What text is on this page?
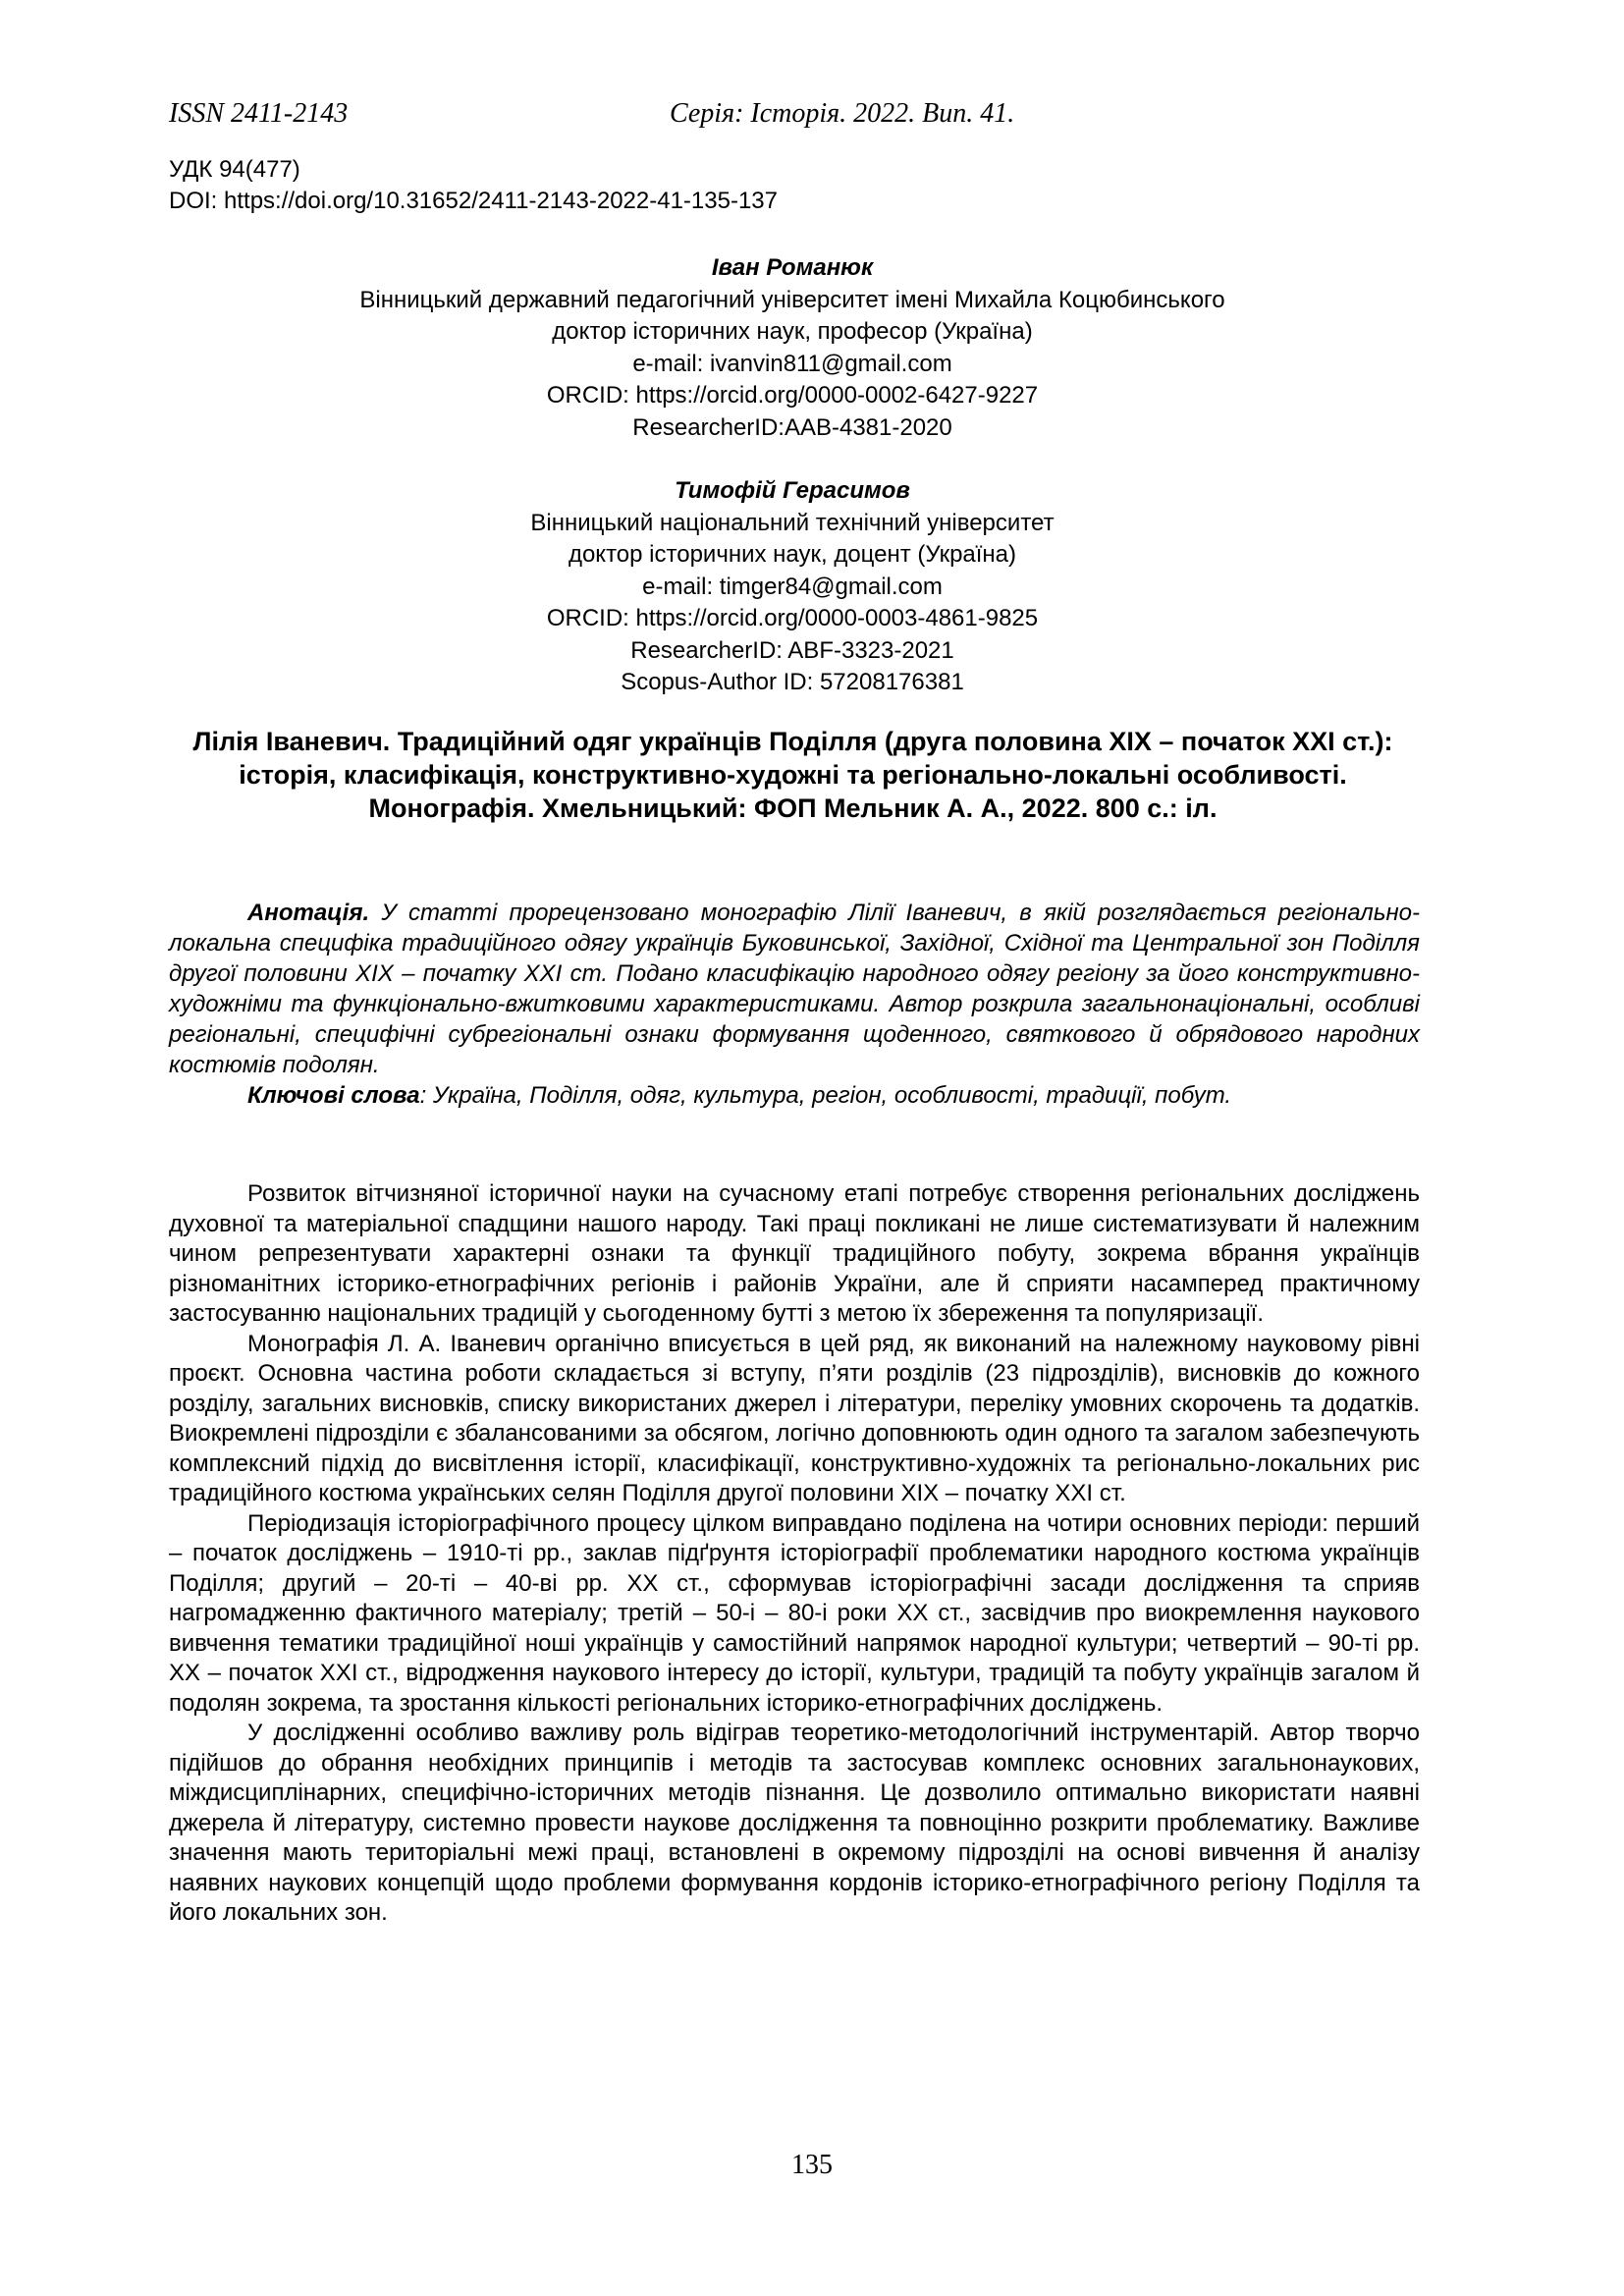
ISSN 2411-2143	Серія: Історія. 2022. Вип. 41.
УДК 94(477)
DOI: https://doi.org/10.31652/2411-2143-2022-41-135-137
Іван Романюк
Вінницький державний педагогічний університет імені Михайла Коцюбинського
доктор історичних наук, професор (Україна)
e-mail: ivanvin811@gmail.com
ORCID: https://orcid.org/0000-0002-6427-9227
ResearcherID:AAB-4381-2020
Тимофій Герасимов
Вінницький національний технічний університет
доктор історичних наук, доцент (Україна)
e-mail: timger84@gmail.com
ORCID: https://orcid.org/0000-0003-4861-9825
ResearcherID: ABF-3323-2021
Scopus-Author ID: 57208176381
Лілія Іваневич. Традиційний одяг українців Поділля (друга половина ХІХ – початок ХХІ ст.): історія, класифікація, конструктивно-художні та регіонально-локальні особливості. Монографія. Хмельницький: ФОП Мельник А. А., 2022. 800 с.: іл.

Анотація. У статті прорецензовано монографію Лілії Іваневич, в якій розглядається регіонально-локальна специфіка традиційного одягу українців Буковинської, Західної, Східної та Центральної зон Поділля другої половини ХІХ – початку ХХІ ст. Подано класифікацію народного одягу регіону за його конструктивно-художніми та функціонально-вжитковими характеристиками. Автор розкрила загальнонаціональні, особливі регіональні, специфічні субрегіональні ознаки формування щоденного, святкового й обрядового народних костюмів подолян.

Ключові слова: Україна, Поділля, одяг, культура, регіон, особливості, традиції, побут.

Розвиток вітчизняної історичної науки на сучасному етапі потребує створення регіональних досліджень духовної та матеріальної спадщини нашого народу. Такі праці покликані не лише систематизувати й належним чином репрезентувати характерні ознаки та функції традиційного побуту, зокрема вбрання українців різноманітних історико-етнографічних регіонів і районів України, але й сприяти насамперед практичному застосуванню національних традицій у сьогоденному бутті з метою їх збереження та популяризації.

Монографія Л. А. Іваневич органічно вписується в цей ряд, як виконаний на належному науковому рівні проєкт. Основна частина роботи складається зі вступу, п’яти розділів (23 підрозділів), висновків до кожного розділу, загальних висновків, списку використаних джерел і літератури, переліку умовних скорочень та додатків. Виокремлені підрозділи є збалансованими за обсягом, логічно доповнюють один одного та загалом забезпечують комплексний підхід до висвітлення історії, класифікації, конструктивно-художніх та регіонально-локальних рис традиційного костюма українських селян Поділля другої половини ХІХ – початку ХХІ ст.

Періодизація історіографічного процесу цілком виправдано поділена на чотири основних періоди: перший – початок досліджень – 1910-ті рр., заклав підґрунтя історіографії проблематики народного костюма українців Поділля; другий – 20-ті – 40-ві рр. ХХ ст., сформував історіографічні засади дослідження та сприяв нагромадженню фактичного матеріалу; третій – 50-і – 80-і роки ХХ ст., засвідчив про виокремлення наукового вивчення тематики традиційної ноші українців у самостійний напрямок народної культури; четвертий – 90-ті рр. ХХ – початок ХХІ ст., відродження наукового інтересу до історії, культури, традицій та побуту українців загалом й подолян зокрема, та зростання кількості регіональних історико-етнографічних досліджень.

У дослідженні особливо важливу роль відіграв теоретико-методологічний інструментарій. Автор творчо підійшов до обрання необхідних принципів і методів та застосував комплекс основних загальнонаукових, міждисциплінарних, специфічно-історичних методів пізнання. Це дозволило оптимально використати наявні джерела й літературу, системно провести наукове дослідження та повноцінно розкрити проблематику. Важливе значення мають територіальні межі праці, встановлені в окремому підрозділі на основі вивчення й аналізу наявних наукових концепцій щодо проблеми формування кордонів історико-етнографічного регіону Поділля та його локальних зон.

135
